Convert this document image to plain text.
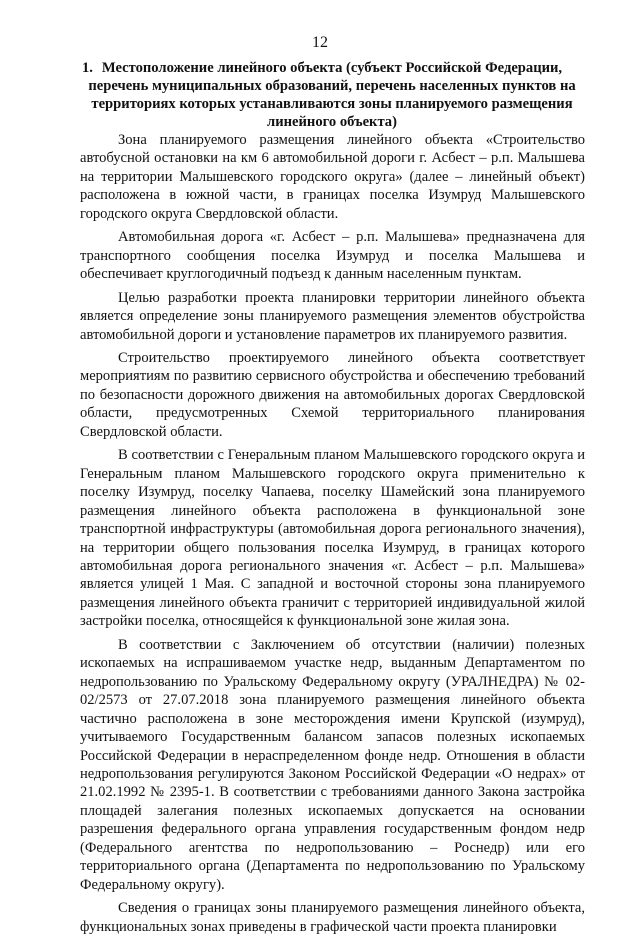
12
1. Местоположение линейного объекта (субъект Российской Федерации, перечень муниципальных образований, перечень населенных пунктов на территориях которых устанавливаются зоны планируемого размещения линейного объекта)

Зона планируемого размещения линейного объекта «Строительство автобусной остановки на км 6 автомобильной дороги г. Асбест – р.п. Малышева на территории Малышевского городского округа» (далее – линейный объект) расположена в южной части, в границах поселка Изумруд Малышевского городского округа Свердловской области.

Автомобильная дорога «г. Асбест – р.п. Малышева» предназначена для транспортного сообщения поселка Изумруд и поселка Малышева и обеспечивает круглогодичный подъезд к данным населенным пунктам.

Целью разработки проекта планировки территории линейного объекта является определение зоны планируемого размещения элементов обустройства автомобильной дороги и установление параметров их планируемого развития.

Строительство проектируемого линейного объекта соответствует мероприятиям по развитию сервисного обустройства и обеспечению требований по безопасности дорожного движения на автомобильных дорогах Свердловской области, предусмотренных Схемой территориального планирования Свердловской области.

В соответствии с Генеральным планом Малышевского городского округа и Генеральным планом Малышевского городского округа применительно к поселку Изумруд, поселку Чапаева, поселку Шамейский зона планируемого размещения линейного объекта расположена в функциональной зоне транспортной инфраструктуры (автомобильная дорога регионального значения), на территории общего пользования поселка Изумруд, в границах которого автомобильная дорога регионального значения «г. Асбест – р.п. Малышева» является улицей 1 Мая. С западной и восточной стороны зона планируемого размещения линейного объекта граничит с территорией индивидуальной жилой застройки поселка, относящейся к функциональной зоне жилая зона.

В соответствии с Заключением об отсутствии (наличии) полезных ископаемых на испрашиваемом участке недр, выданным Департаментом по недропользованию по Уральскому Федеральному округу (УРАЛНЕДРА) № 02-02/2573 от 27.07.2018 зона планируемого размещения линейного объекта частично расположена в зоне месторождения имени Крупской (изумруд), учитываемого Государственным балансом запасов полезных ископаемых Российской Федерации в нераспределенном фонде недр. Отношения в области недропользования регулируются Законом Российской Федерации «О недрах» от 21.02.1992 № 2395-1. В соответствии с требованиями данного Закона застройка площадей залегания полезных ископаемых допускается на основании разрешения федерального органа управления государственным фондом недр (Федерального агентства по недропользованию – Роснедр) или его территориального органа (Департамента по недропользованию по Уральскому Федеральному округу).

Сведения о границах зоны планируемого размещения линейного объекта, функциональных зонах приведены в графической части проекта планировки
